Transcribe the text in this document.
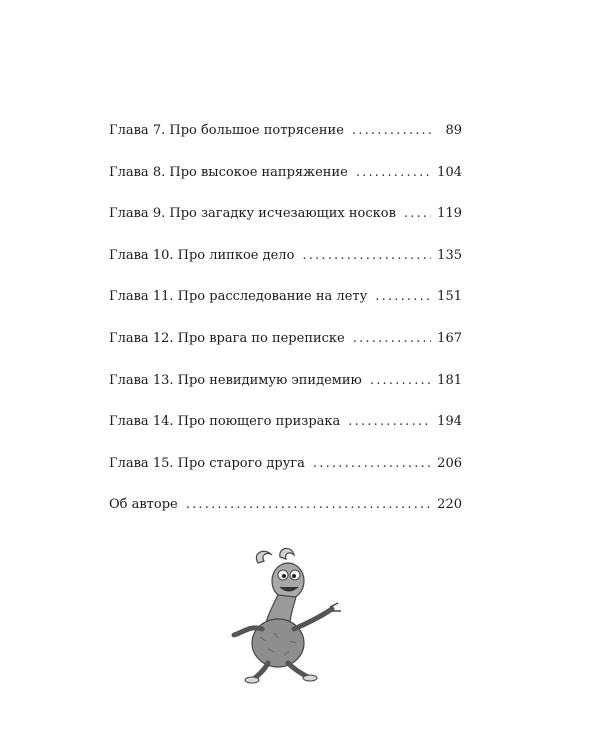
Глава 7. Про большое потрясение .....	89
Глава 8. Про высокое напряжение .....	104
Глава 9. Про загадку исчезающих носков .....	119
Глава 10. Про липкое дело .....	135
Глава 11. Про расследование на лету .....	151
Глава 12. Про врага по переписке .....	167
Глава 13. Про невидимую эпидемию .....	181
Глава 14. Про поющего призрака .....	194
Глава 15. Про старого друга .....	206
Об авторе .....	220
